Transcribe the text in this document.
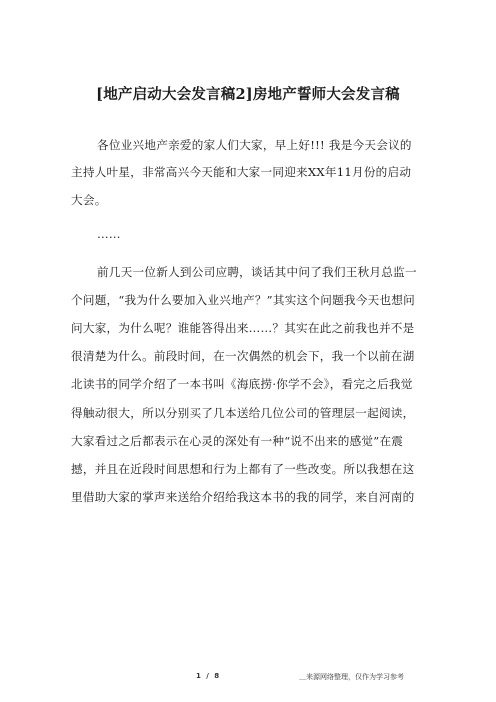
[地产启动大会发言稿2]房地产誓师大会发言稿
各位业兴地产亲爱的家人们大家，早上好!!! 我是今天会议的
主持人叶星，非常高兴今天能和大家一同迎来XX年11月份的启动
大会。
……
前几天一位新人到公司应聘，谈话其中问了我们王秋月总监一
个问题，“我为什么要加入业兴地产？”其实这个问题我今天也想问
问大家，为什么呢？谁能答得出来……？其实在此之前我也并不是
很清楚为什么。前段时间，在一次偶然的机会下，我一个以前在湖
北读书的同学介绍了一本书叫《海底捞·你学不会》，看完之后我觉
得触动很大，所以分别买了几本送给几位公司的管理层一起阅读，
大家看过之后都表示在心灵的深处有一种“说不出来的感觉”在震
撼，并且在近段时间思想和行为上都有了一些改变。所以我想在这
里借助大家的掌声来送给介绍给我这本书的我的同学，来自河南的
1 / 8	＿来源网络整理，仅作为学习参考
